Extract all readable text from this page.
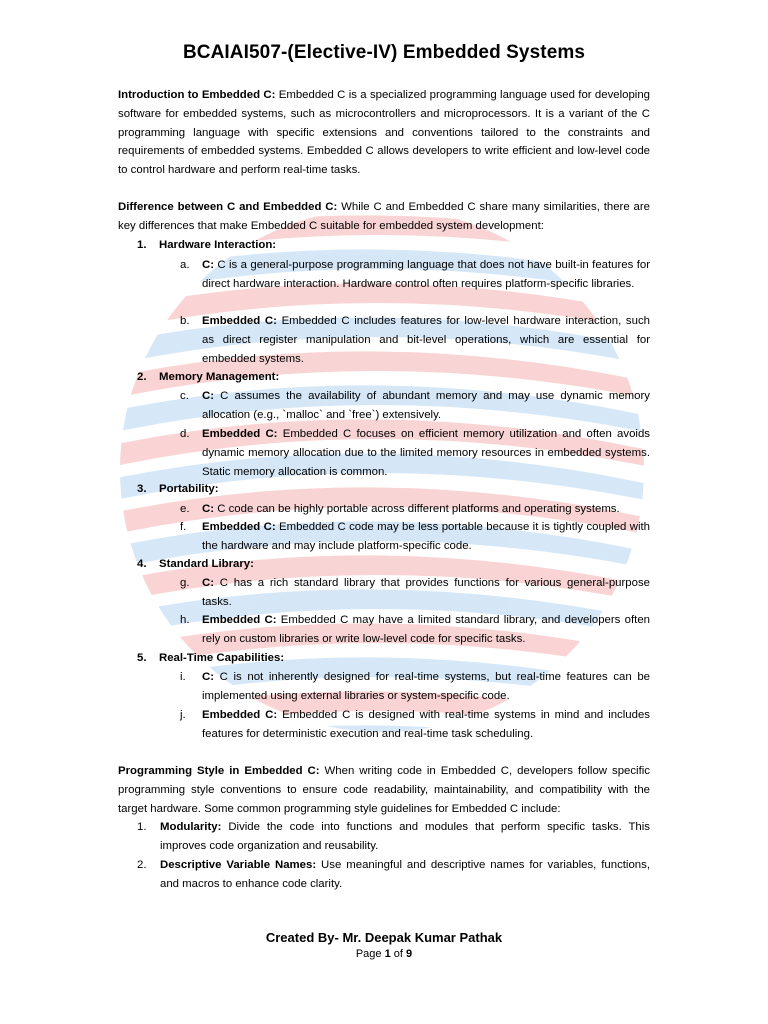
BCAIAI507-(Elective-IV) Embedded Systems
Introduction to Embedded C: Embedded C is a specialized programming language used for developing software for embedded systems, such as microcontrollers and microprocessors. It is a variant of the C programming language with specific extensions and conventions tailored to the constraints and requirements of embedded systems. Embedded C allows developers to write efficient and low-level code to control hardware and perform real-time tasks.
Difference between C and Embedded C: While C and Embedded C share many similarities, there are key differences that make Embedded C suitable for embedded system development:
1. Hardware Interaction:
a.	C: C is a general-purpose programming language that does not have built-in features for direct hardware interaction. Hardware control often requires platform-specific libraries.
b.	Embedded C: Embedded C includes features for low-level hardware interaction, such as direct register manipulation and bit-level operations, which are essential for embedded systems.
2. Memory Management:
c.	C: C assumes the availability of abundant memory and may use dynamic memory allocation (e.g., `malloc` and `free`) extensively.
d.	Embedded C: Embedded C focuses on efficient memory utilization and often avoids dynamic memory allocation due to the limited memory resources in embedded systems. Static memory allocation is common.
3. Portability:
e.	C: C code can be highly portable across different platforms and operating systems.
f.	Embedded C: Embedded C code may be less portable because it is tightly coupled with the hardware and may include platform-specific code.
4. Standard Library:
g.	C: C has a rich standard library that provides functions for various general-purpose tasks.
h.	Embedded C: Embedded C may have a limited standard library, and developers often rely on custom libraries or write low-level code for specific tasks.
5. Real-Time Capabilities:
i.	C: C is not inherently designed for real-time systems, but real-time features can be implemented using external libraries or system-specific code.
j.	Embedded C: Embedded C is designed with real-time systems in mind and includes features for deterministic execution and real-time task scheduling.
Programming Style in Embedded C: When writing code in Embedded C, developers follow specific programming style conventions to ensure code readability, maintainability, and compatibility with the target hardware. Some common programming style guidelines for Embedded C include:
1.	Modularity: Divide the code into functions and modules that perform specific tasks. This improves code organization and reusability.
2.	Descriptive Variable Names: Use meaningful and descriptive names for variables, functions, and macros to enhance code clarity.
Created By- Mr. Deepak Kumar Pathak
Page 1 of 9
